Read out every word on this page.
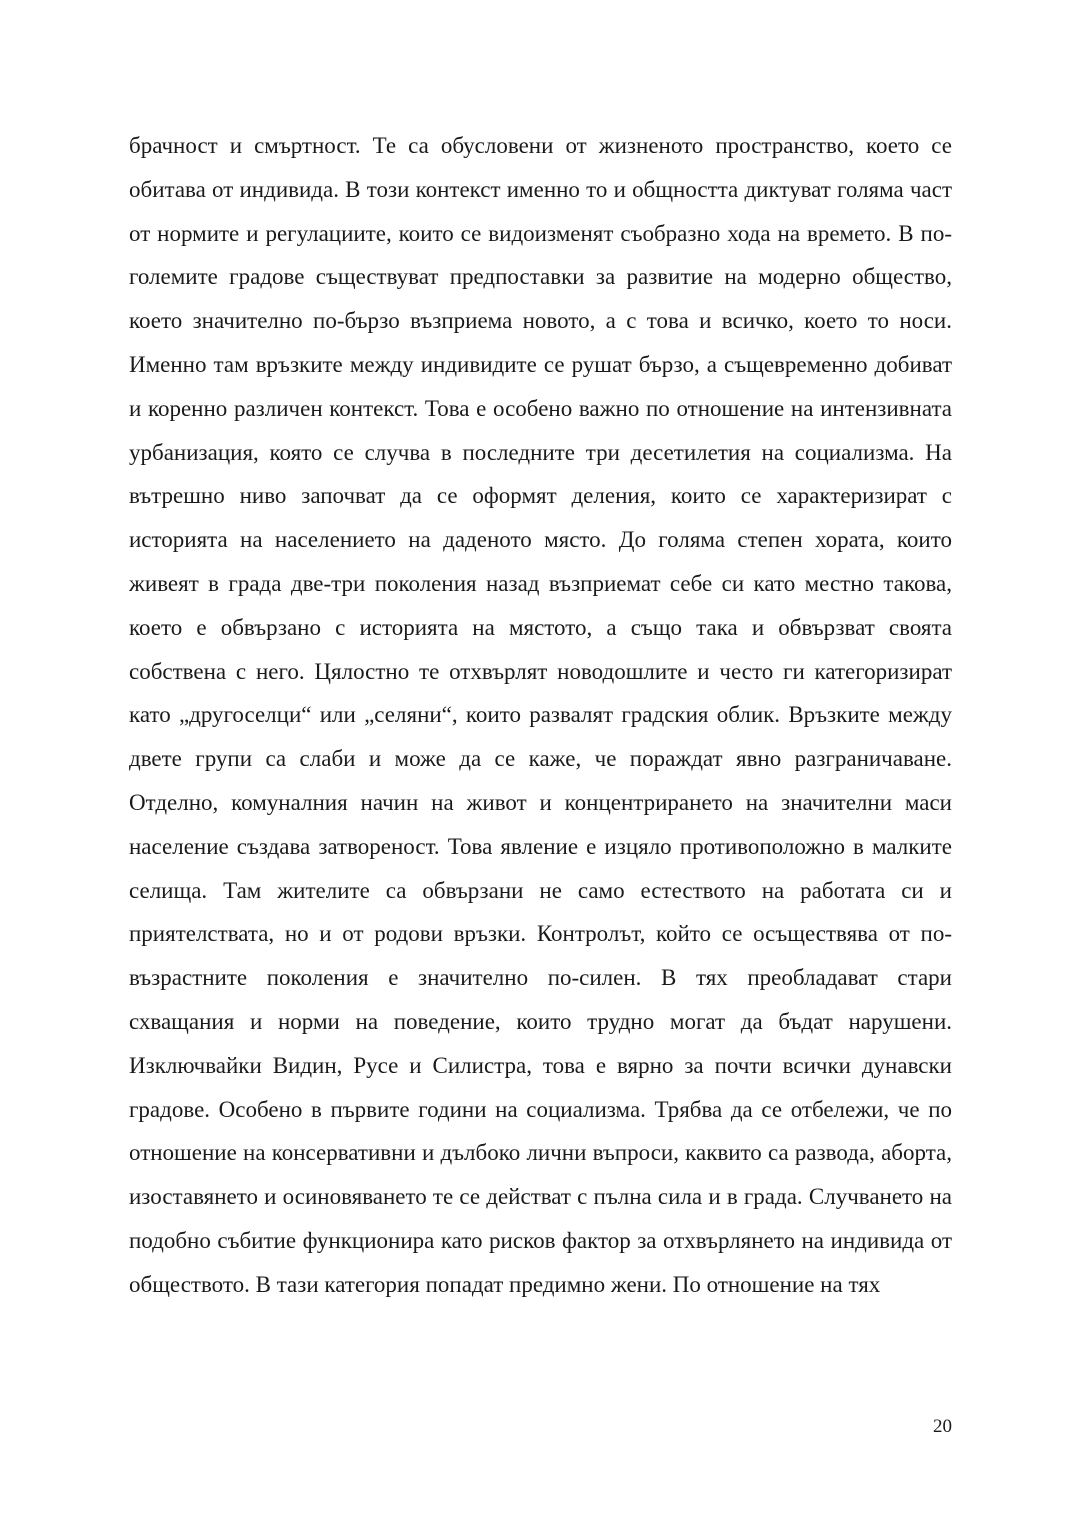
брачност и смъртност. Те са обусловени от жизненото пространство, което се обитава от индивида. В този контекст именно то и общността диктуват голяма част от нормите и регулациите, които се видоизменят съобразно хода на времето. В по-големите градове съществуват предпоставки за развитие на модерно общество, което значително по-бързо възприема новото, а с това и всичко, което то носи. Именно там връзките между индивидите се рушат бързо, а същевременно добиват и коренно различен контекст. Това е особено важно по отношение на интензивната урбанизация, която се случва в последните три десетилетия на социализма. На вътрешно ниво започват да се оформят деления, които се характеризират с историята на населението на даденото място. До голяма степен хората, които живеят в града две-три поколения назад възприемат себе си като местно такова, което е обвързано с историята на мястото, а също така и обвързват своята собствена с него. Цялостно те отхвърлят новодошлите и често ги категоризират като „другоселци“ или „селяни“, които развалят градския облик. Връзките между двете групи са слаби и може да се каже, че пораждат явно разграничаване. Отделно, комуналния начин на живот и концентрирането на значителни маси население създава затвореност. Това явление е изцяло противоположно в малките селища. Там жителите са обвързани не само естеството на работата си и приятелствата, но и от родови връзки. Контролът, който се осъществява от по-възрастните поколения е значително по-силен. В тях преобладават стари схващания и норми на поведение, които трудно могат да бъдат нарушени. Изключвайки Видин, Русе и Силистра, това е вярно за почти всички дунавски градове. Особено в първите години на социализма. Трябва да се отбележи, че по отношение на консервативни и дълбоко лични въпроси, каквито са развода, аборта, изоставянето и осиновяването те се действат с пълна сила и в града. Случването на подобно събитие функционира като рисков фактор за отхвърлянето на индивида от обществото. В тази категория попадат предимно жени. По отношение на тях

20
